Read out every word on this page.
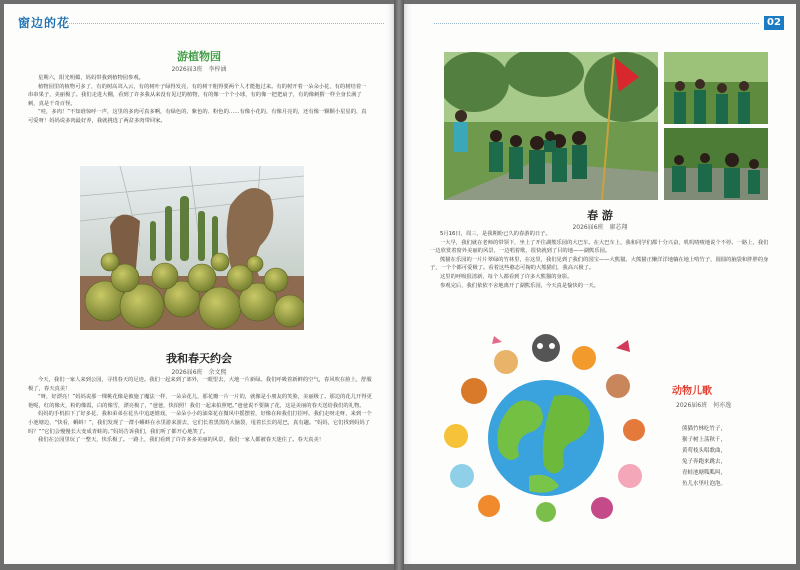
窗边的花
游植物园
2026届3班　李梓涵

星期六，阳光明媚，妈妈带我到植物园参观。

植物园里的植物可多了，有的树高耸入云，有的树叶子绿得发亮，有的树干粗得要两个人才能抱过来。有的树开着一朵朵小花，有的树结着一串串果子，美丽极了。我们走进大棚，看到了许多我从来没有见过的植物，有的像一个个小球，有的像一把把扇子，有的像刺猬一样全身长满了刺，真是千奇百怪。

“哇，多肉！”不知谁惊呼一声，这里的多肉可真多啊，有绿色的、紫色的、粉色的……有像小花的，有像月亮的，还有像一颗颗小星星的，真可爱呀！妈妈说多肉最好养，我就挑选了两盆多肉带回家。

我和春天约会
2026届6班　余文熙

今天，我们一家人来到公园，寻找春天的足迹。我们一起来到了郊外，一眼望去，大地一片新绿。我们呼吸着新鲜的空气，春风吹在脸上，舒服极了，春天真美！

“呀，好漂亮！”妈妈说那一棵桃花像是被施了魔法一样，一朵朵花儿，那花瓣一片一片的，就像是小朋友的笑脸，美丽极了。那边的花儿开得更艳呢，红的像火，粉的像霞，白的像雪，漂亮极了，“爸爸，快拍照！我们一起来拍照吧。”爸爸说不要摘了花，这是美丽的春天送给我们的礼物。

妈妈的手机拍下了好多花，我和弟弟在花丛中追逐嬉戏，一朵朵小小的油菜花在微风中摇摆着，好像在和我们打招呼。我们走呀走呀，来到一个小池塘边，“快看，蝌蚪！”，我们发现了一群小蝌蚪在水里游来游去，它们长着黑黑的大脑袋，甩着长长的尾巴，真有趣。“妈妈，它们找到妈妈了吗？”“它们会慢慢长大变成青蛙的。”妈妈告诉我们，我们听了都开心地笑了。

我们在公园里玩了一整天，快乐极了。一路上，我们看到了许许多多美丽的风景，我们一家人都被春天迷住了。春天真美！

02
春 游
2026届6班　廖芯翔

5月16日，周三，是我期盼已久的春游的日子。

一大早，我们就在老师的带领下，坐上了开往湖熊乐园的大巴车。在大巴车上，我和同学们都十分兴奋，叽叽喳喳地说个不停。一路上，我们一边欣赏着窗外美丽的风景，一边唱着歌，很快就到了目的地——湖熊乐园。

熊猫在乐园的一片片翠绿的竹林里，在这里，我们见到了我们的国宝——大熊猫。大熊猫正懒洋洋地躺在地上啃竹子，圆圆的脑袋和胖胖的身子，一个个都可爱极了。看着这些憨态可掬的大熊猫们，我高兴极了。

这里的呼吸很清新，每个人都看到了许多大熊猫的身影。

参观完后，我们依依不舍地离开了湖熊乐园，今天真是愉快的一天。

动物儿歌
2026届6班　何亦逸

熊猫竹林吃竹子，

猴子树上荡秋千，

黄莺枝头唱歌曲，

兔子奔跑来跳去，

青蛙池塘呱呱叫，

鱼儿水里吐泡泡。
